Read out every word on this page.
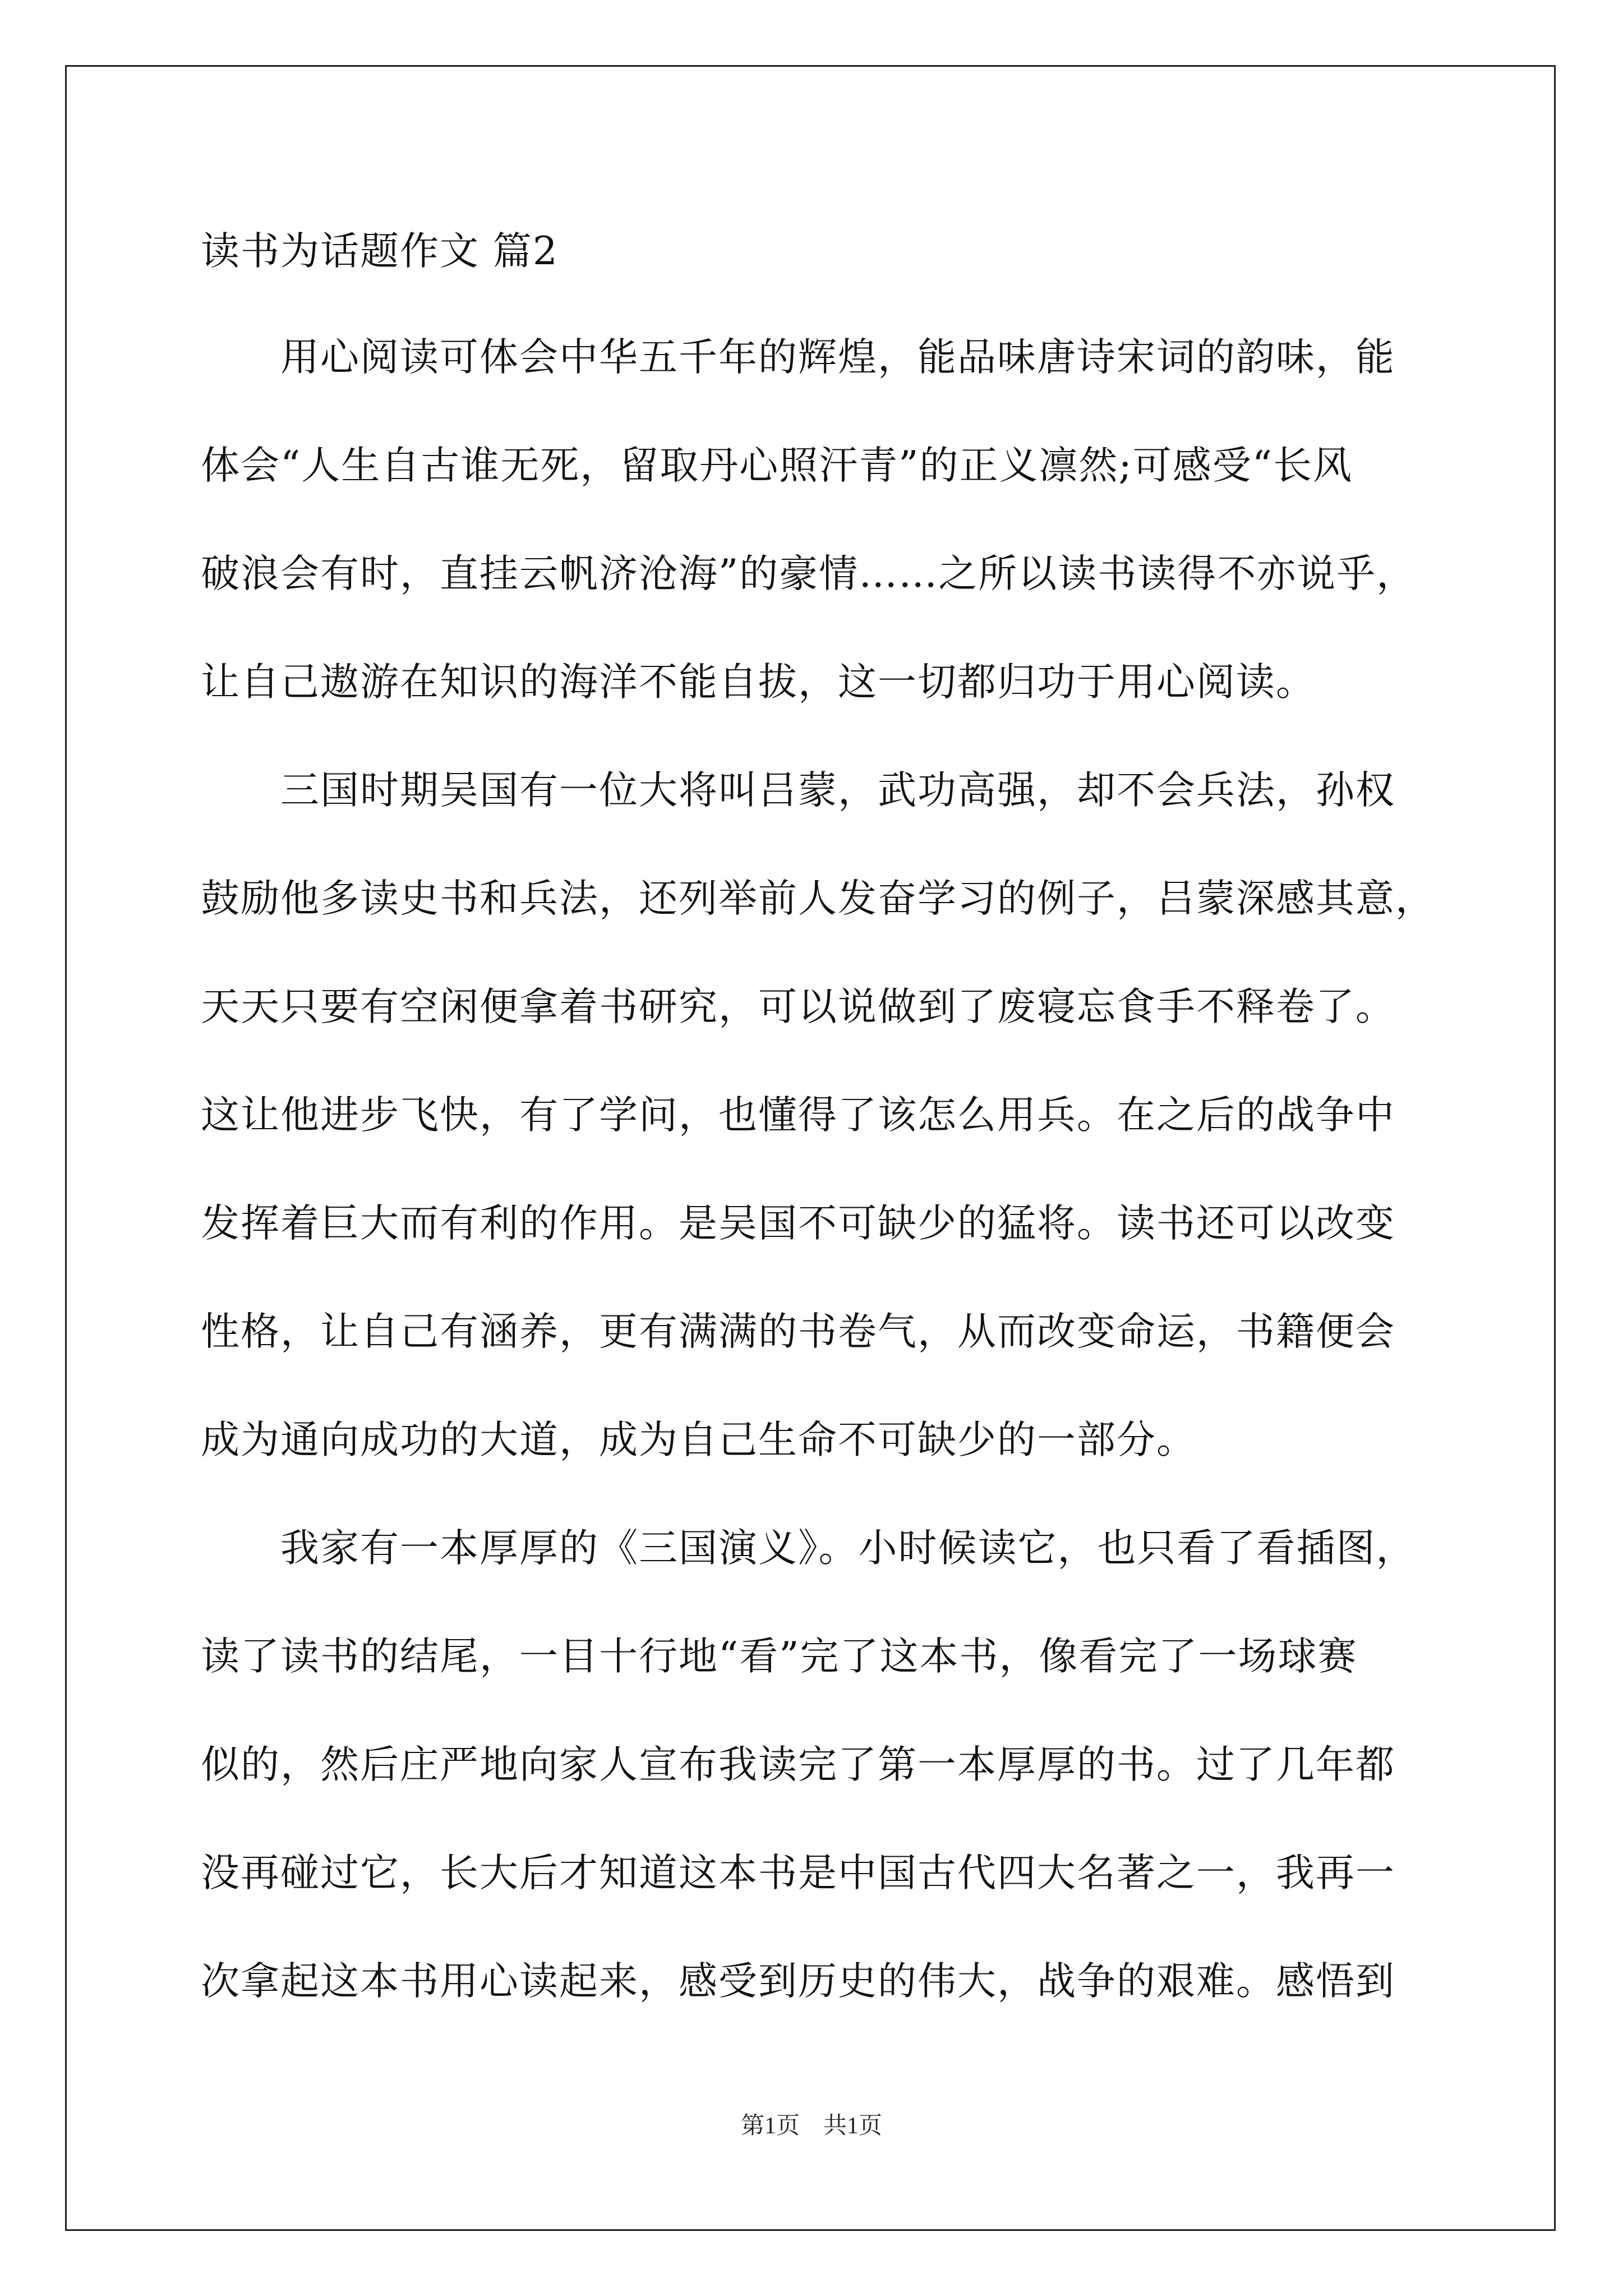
读书为话题作文 篇2
　　用心阅读可体会中华五千年的辉煌，能品味唐诗宋词的韵味，能
体会“人生自古谁无死，留取丹心照汗青”的正义凛然;可感受“长风
破浪会有时，直挂云帆济沧海”的豪情……之所以读书读得不亦说乎，
让自己遨游在知识的海洋不能自拔，这一切都归功于用心阅读。
　　三国时期吴国有一位大将叫吕蒙，武功高强，却不会兵法，孙权
鼓励他多读史书和兵法，还列举前人发奋学习的例子，吕蒙深感其意，
天天只要有空闲便拿着书研究，可以说做到了废寝忘食手不释卷了。
这让他进步飞快，有了学问，也懂得了该怎么用兵。在之后的战争中
发挥着巨大而有利的作用。是吴国不可缺少的猛将。读书还可以改变
性格，让自己有涵养，更有满满的书卷气，从而改变命运，书籍便会
成为通向成功的大道，成为自己生命不可缺少的一部分。
　　我家有一本厚厚的《三国演义》。小时候读它，也只看了看插图，
读了读书的结尾，一目十行地“看”完了这本书，像看完了一场球赛
似的，然后庄严地向家人宣布我读完了第一本厚厚的书。过了几年都
没再碰过它，长大后才知道这本书是中国古代四大名著之一，我再一
次拿起这本书用心读起来，感受到历史的伟大，战争的艰难。感悟到
第1页　共1页
